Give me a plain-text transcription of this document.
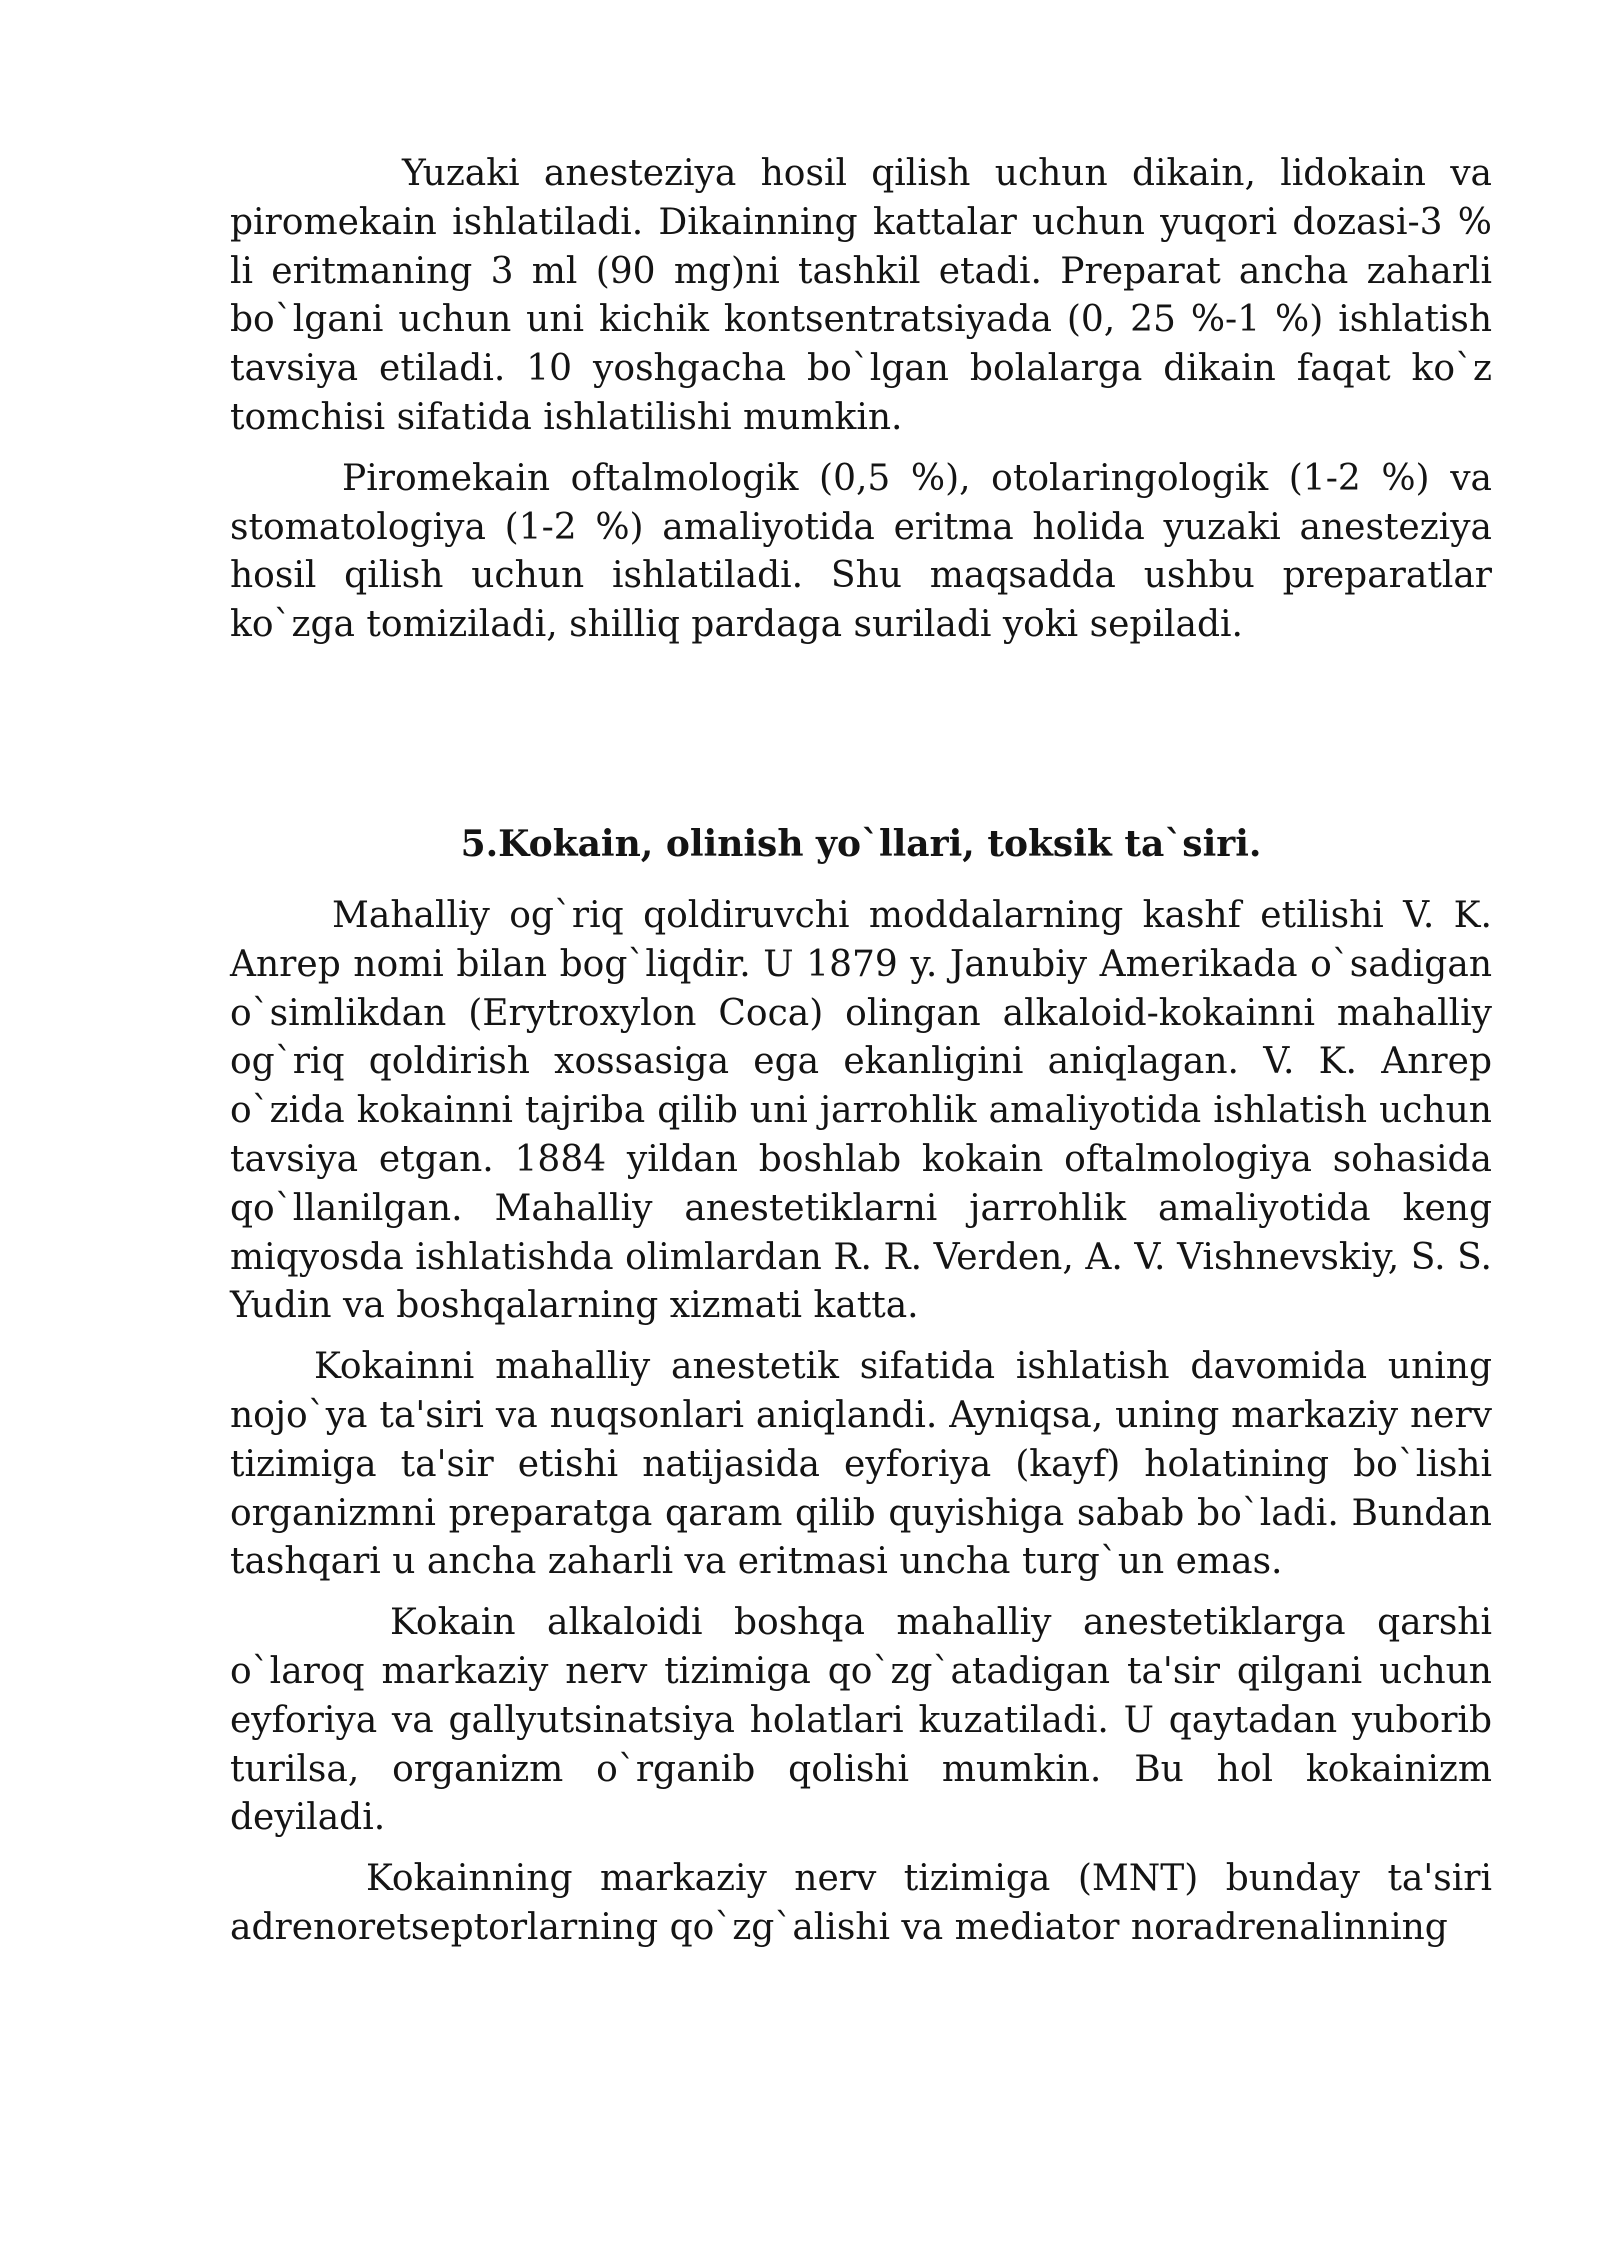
Yuzaki anesteziya hosil qilish uchun dikain, lidokain va piromekain ishlatiladi. Dikainning kattalar uchun yuqori dozasi-3 % li eritmaning 3 ml (90 mg)ni tashkil etadi. Preparat ancha zaharli bo`lgani uchun uni kichik kontsentratsiyada (0, 25 %-1 %) ishlatish tavsiya etiladi. 10 yoshgacha bo`lgan bolalarga dikain faqat ko`z tomchisi sifatida ishlatilishi mumkin.

Piromekain oftalmologik (0,5 %), otolaringologik (1-2 %) va stomatologiya (1-2 %) amaliyotida eritma holida yuzaki anesteziya hosil qilish uchun ishlatiladi. Shu maqsadda ushbu preparatlar ko`zga tomiziladi, shilliq pardaga suriladi yoki sepiladi.

5.Kokain, olinish yo`llari, toksik ta`siri.

Mahalliy og`riq qoldiruvchi moddalarning kashf etilishi V. K. Anrep nomi bilan bog`liqdir. U 1879 y. Janubiy Amerikada o`sadigan o`simlikdan (Erytroxylon Coca) olingan alkaloid-kokainni mahalliy og`riq qoldirish xossasiga ega ekanligini aniqlagan. V. K. Anrep o`zida kokainni tajriba qilib uni jarrohlik amaliyotida ishlatish uchun tavsiya etgan. 1884 yildan boshlab kokain oftalmologiya sohasida qo`llanilgan. Mahalliy anestetiklarni jarrohlik amaliyotida keng miqyosda ishlatishda olimlardan R. R. Verden, A. V. Vishnevskiy, S. S. Yudin va boshqalarning xizmati katta.

Kokainni mahalliy anestetik sifatida ishlatish davomida uning nojo`ya ta'siri va nuqsonlari aniqlandi. Ayniqsa, uning markaziy nerv tizimiga ta'sir etishi natijasida eyforiya (kayf) holatining bo`lishi organizmni preparatga qaram qilib quyishiga sabab bo`ladi. Bundan tashqari u ancha zaharli va eritmasi uncha turg`un emas.

Kokain alkaloidi boshqa mahalliy anestetiklarga qarshi o`laroq markaziy nerv tizimiga qo`zg`atadigan ta'sir qilgani uchun eyforiya va gallyutsinatsiya holatlari kuzatiladi. U qaytadan yuborib turilsa, organizm o`rganib qolishi mumkin. Bu hol kokainizm deyiladi.

Kokainning markaziy nerv tizimiga (MNT) bunday ta'siri adrenoretseptorlarning qo`zg`alishi va mediator noradrenalinning
